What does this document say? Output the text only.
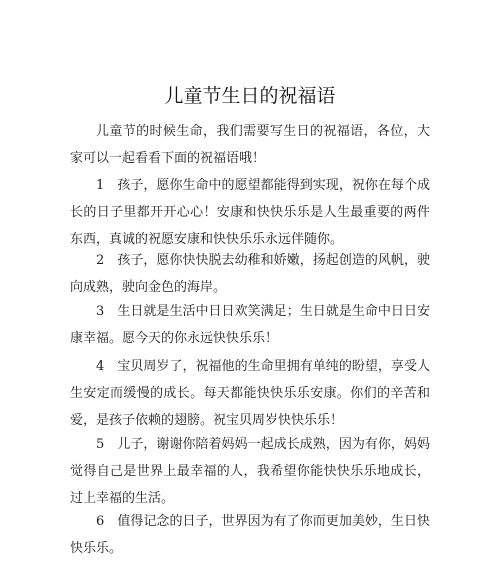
儿童节生日的祝福语

儿童节的时候生命，我们需要写生日的祝福语，各位，大家可以一起看看下面的祝福语哦！

1　孩子，愿你生命中的愿望都能得到实现，祝你在每个成长的日子里都开开心心！安康和快快乐乐是人生最重要的两件东西，真诚的祝愿安康和快快乐乐永远伴随你。

2　孩子，愿你快快脱去幼稚和娇嫩，扬起创造的风帆，驶向成熟，驶向金色的海岸。

3　生日就是生活中日日欢笑满足；生日就是生命中日日安康幸福。愿今天的你永远快快乐乐！

4　宝贝周岁了，祝福他的生命里拥有单纯的盼望，享受人生安定而缓慢的成长。每天都能快快乐乐安康。你们的辛苦和爱，是孩子依赖的翅膀。祝宝贝周岁快快乐乐！

5　儿子，谢谢你陪着妈妈一起成长成熟，因为有你，妈妈觉得自己是世界上最幸福的人，我希望你能快快乐乐地成长，过上幸福的生活。

6　值得记念的日子，世界因为有了你而更加美妙，生日快快乐乐。
